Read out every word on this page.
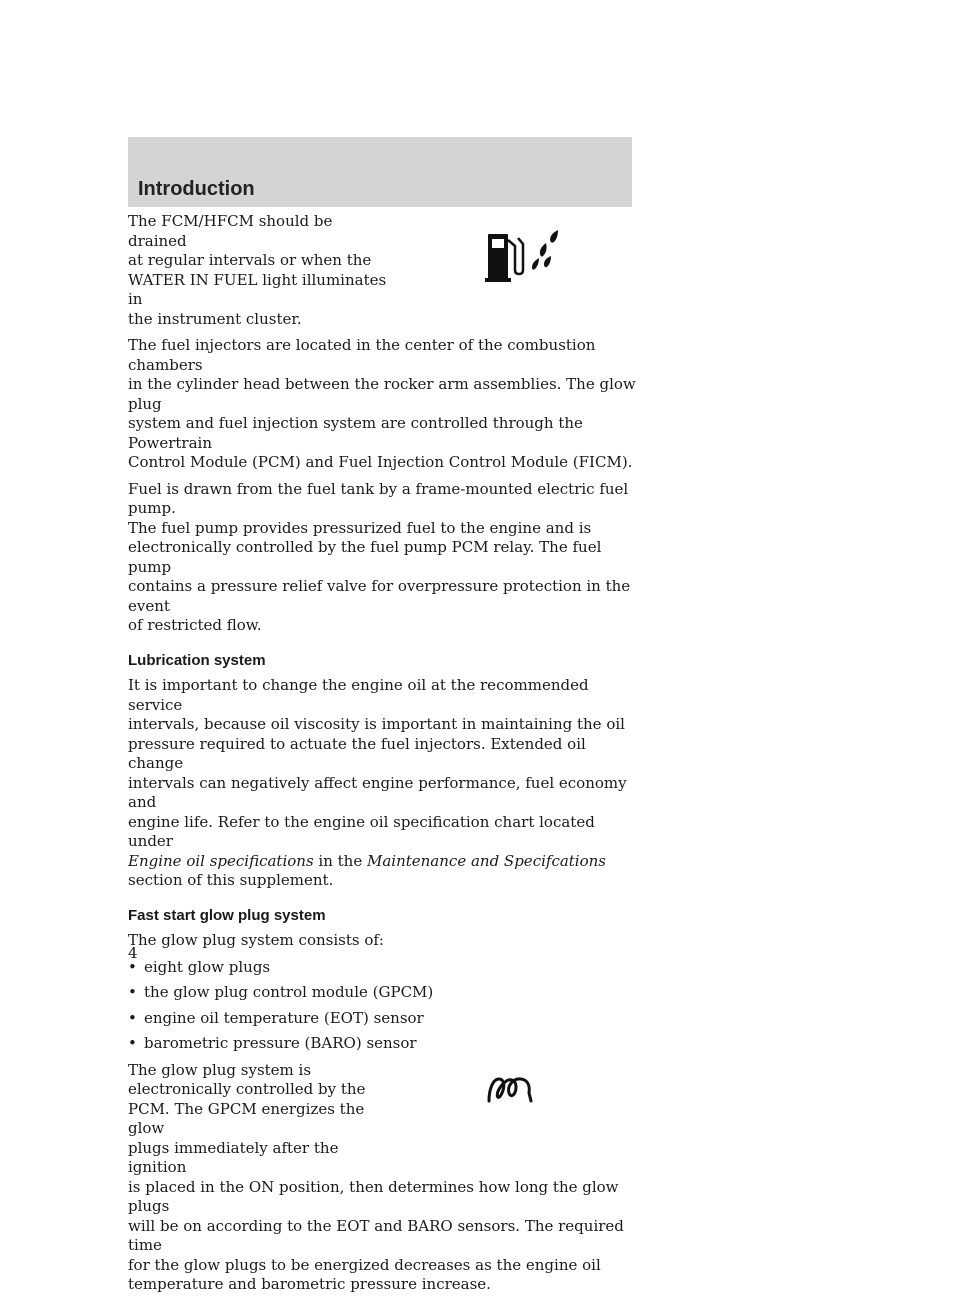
Introduction
The FCM/HFCM should be drained
at regular intervals or when the
WATER IN FUEL light illuminates in
the instrument cluster.

The fuel injectors are located in the center of the combustion chambers
in the cylinder head between the rocker arm assemblies. The glow plug
system and fuel injection system are controlled through the Powertrain
Control Module (PCM) and Fuel Injection Control Module (FICM).

Fuel is drawn from the fuel tank by a frame-mounted electric fuel pump.
The fuel pump provides pressurized fuel to the engine and is
electronically controlled by the fuel pump PCM relay. The fuel pump
contains a pressure relief valve for overpressure protection in the event
of restricted flow.

Lubrication system

It is important to change the engine oil at the recommended service
intervals, because oil viscosity is important in maintaining the oil
pressure required to actuate the fuel injectors. Extended oil change
intervals can negatively affect engine performance, fuel economy and
engine life. Refer to the engine oil specification chart located under
Engine oil specifications in the Maintenance and Specifcations
section of this supplement.

Fast start glow plug system

The glow plug system consists of:

• eight glow plugs
• the glow plug control module (GPCM)
• engine oil temperature (EOT) sensor
• barometric pressure (BARO) sensor
The glow plug system is
electronically controlled by the
PCM. The GPCM energizes the glow
plugs immediately after the ignition

is placed in the ON position, then determines how long the glow plugs
will be on according to the EOT and BARO sensors. The required time
for the glow plugs to be energized decreases as the engine oil
temperature and barometric pressure increase.

4
